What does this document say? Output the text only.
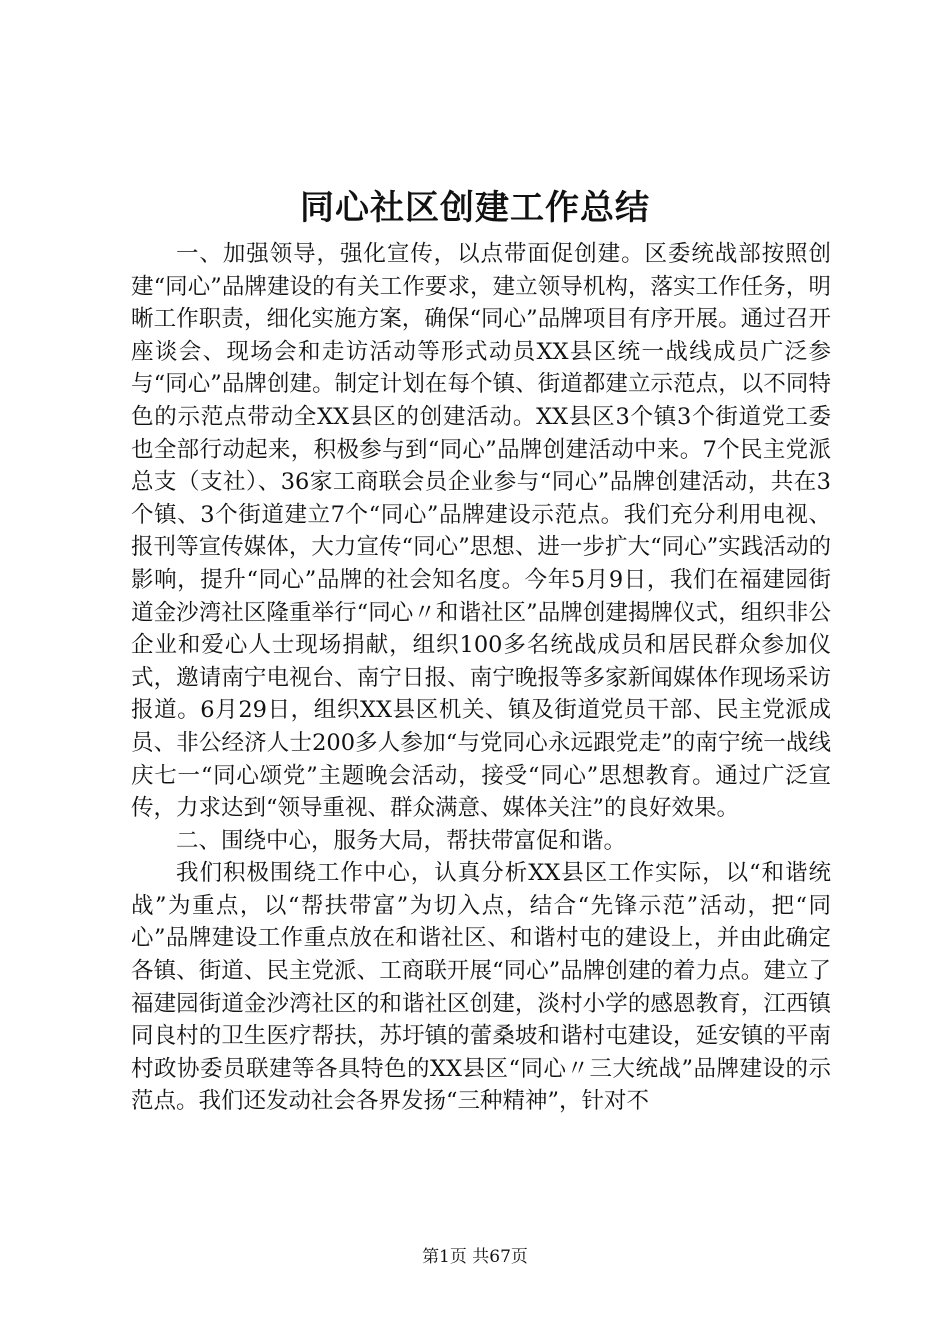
同心社区创建工作总结

一、加强领导，强化宣传，以点带面促创建。区委统战部按照创建“同心”品牌建设的有关工作要求，建立领导机构，落实工作任务，明晰工作职责，细化实施方案，确保“同心”品牌项目有序开展。通过召开座谈会、现场会和走访活动等形式动员XX县区统一战线成员广泛参与“同心”品牌创建。制定计划在每个镇、街道都建立示范点，以不同特色的示范点带动全XX县区的创建活动。XX县区3个镇3个街道党工委也全部行动起来，积极参与到“同心”品牌创建活动中来。7个民主党派总支（支社）、36家工商联会员企业参与“同心”品牌创建活动，共在3个镇、3个街道建立7个“同心”品牌建设示范点。我们充分利用电视、报刊等宣传媒体，大力宣传“同心”思想、进一步扩大“同心”实践活动的影响，提升“同心”品牌的社会知名度。今年5月9日，我们在福建园街道金沙湾社区隆重举行“同心〃和谐社区”品牌创建揭牌仪式，组织非公企业和爱心人士现场捐献，组织100多名统战成员和居民群众参加仪式，邀请南宁电视台、南宁日报、南宁晚报等多家新闻媒体作现场采访报道。6月29日，组织XX县区机关、镇及街道党员干部、民主党派成员、非公经济人士200多人参加“与党同心永远跟党走”的南宁统一战线庆七一“同心颂党”主题晚会活动，接受“同心”思想教育。通过广泛宣传，力求达到“领导重视、群众满意、媒体关注”的良好效果。

二、围绕中心，服务大局，帮扶带富促和谐。

我们积极围绕工作中心，认真分析XX县区工作实际，以“和谐统战”为重点，以“帮扶带富”为切入点，结合“先锋示范”活动，把“同心”品牌建设工作重点放在和谐社区、和谐村屯的建设上，并由此确定各镇、街道、民主党派、工商联开展“同心”品牌创建的着力点。建立了福建园街道金沙湾社区的和谐社区创建，淡村小学的感恩教育，江西镇同良村的卫生医疗帮扶，苏圩镇的蕾桑坡和谐村屯建设，延安镇的平南村政协委员联建等各具特色的XX县区“同心〃三大统战”品牌建设的示范点。我们还发动社会各界发扬“三种精神”，针对不

第1页 共67页
